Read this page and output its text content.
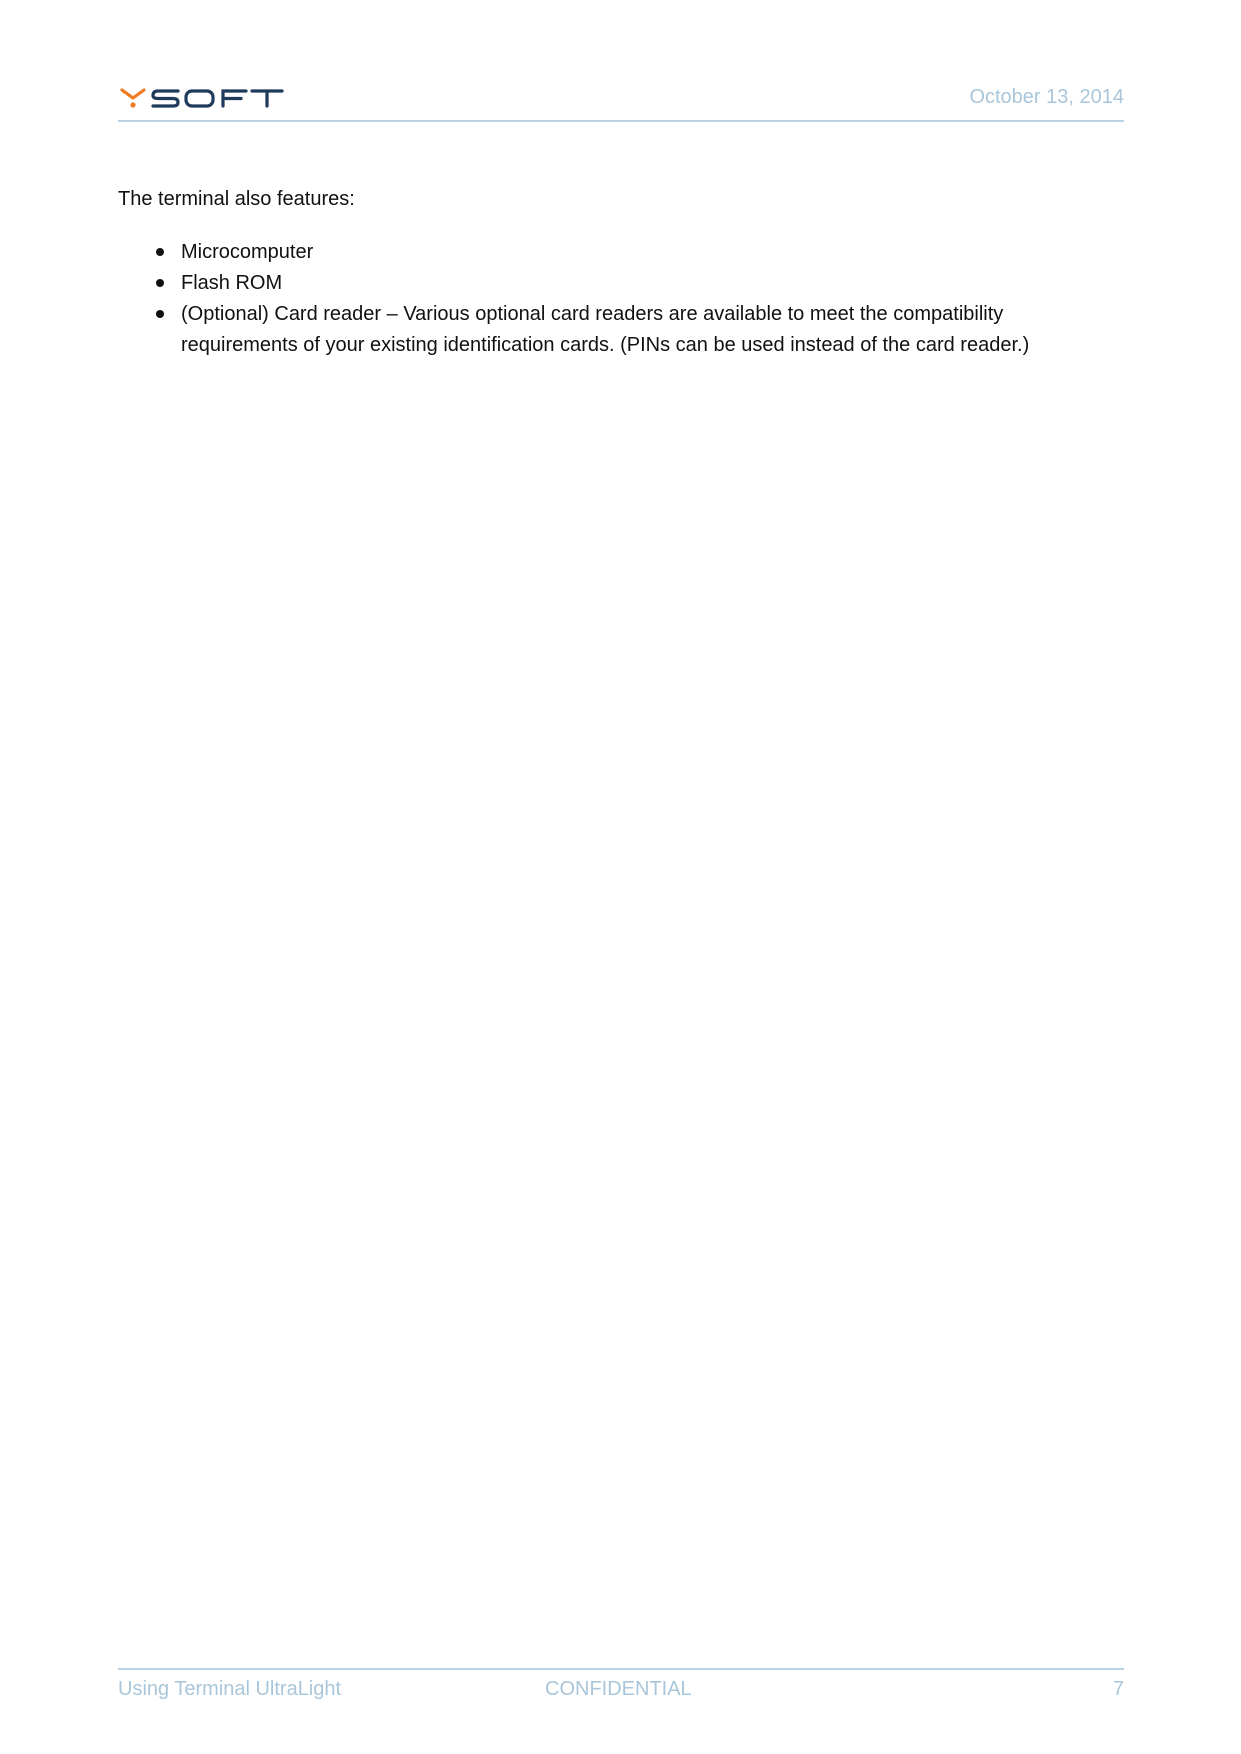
October 13, 2014

The terminal also features:

Microcomputer
Flash ROM
(Optional) Card reader – Various optional card readers are available to meet the compatibility requirements of your existing identification cards. (PINs can be used instead of the card reader.)
Using Terminal UltraLight	CONFIDENTIAL	7
